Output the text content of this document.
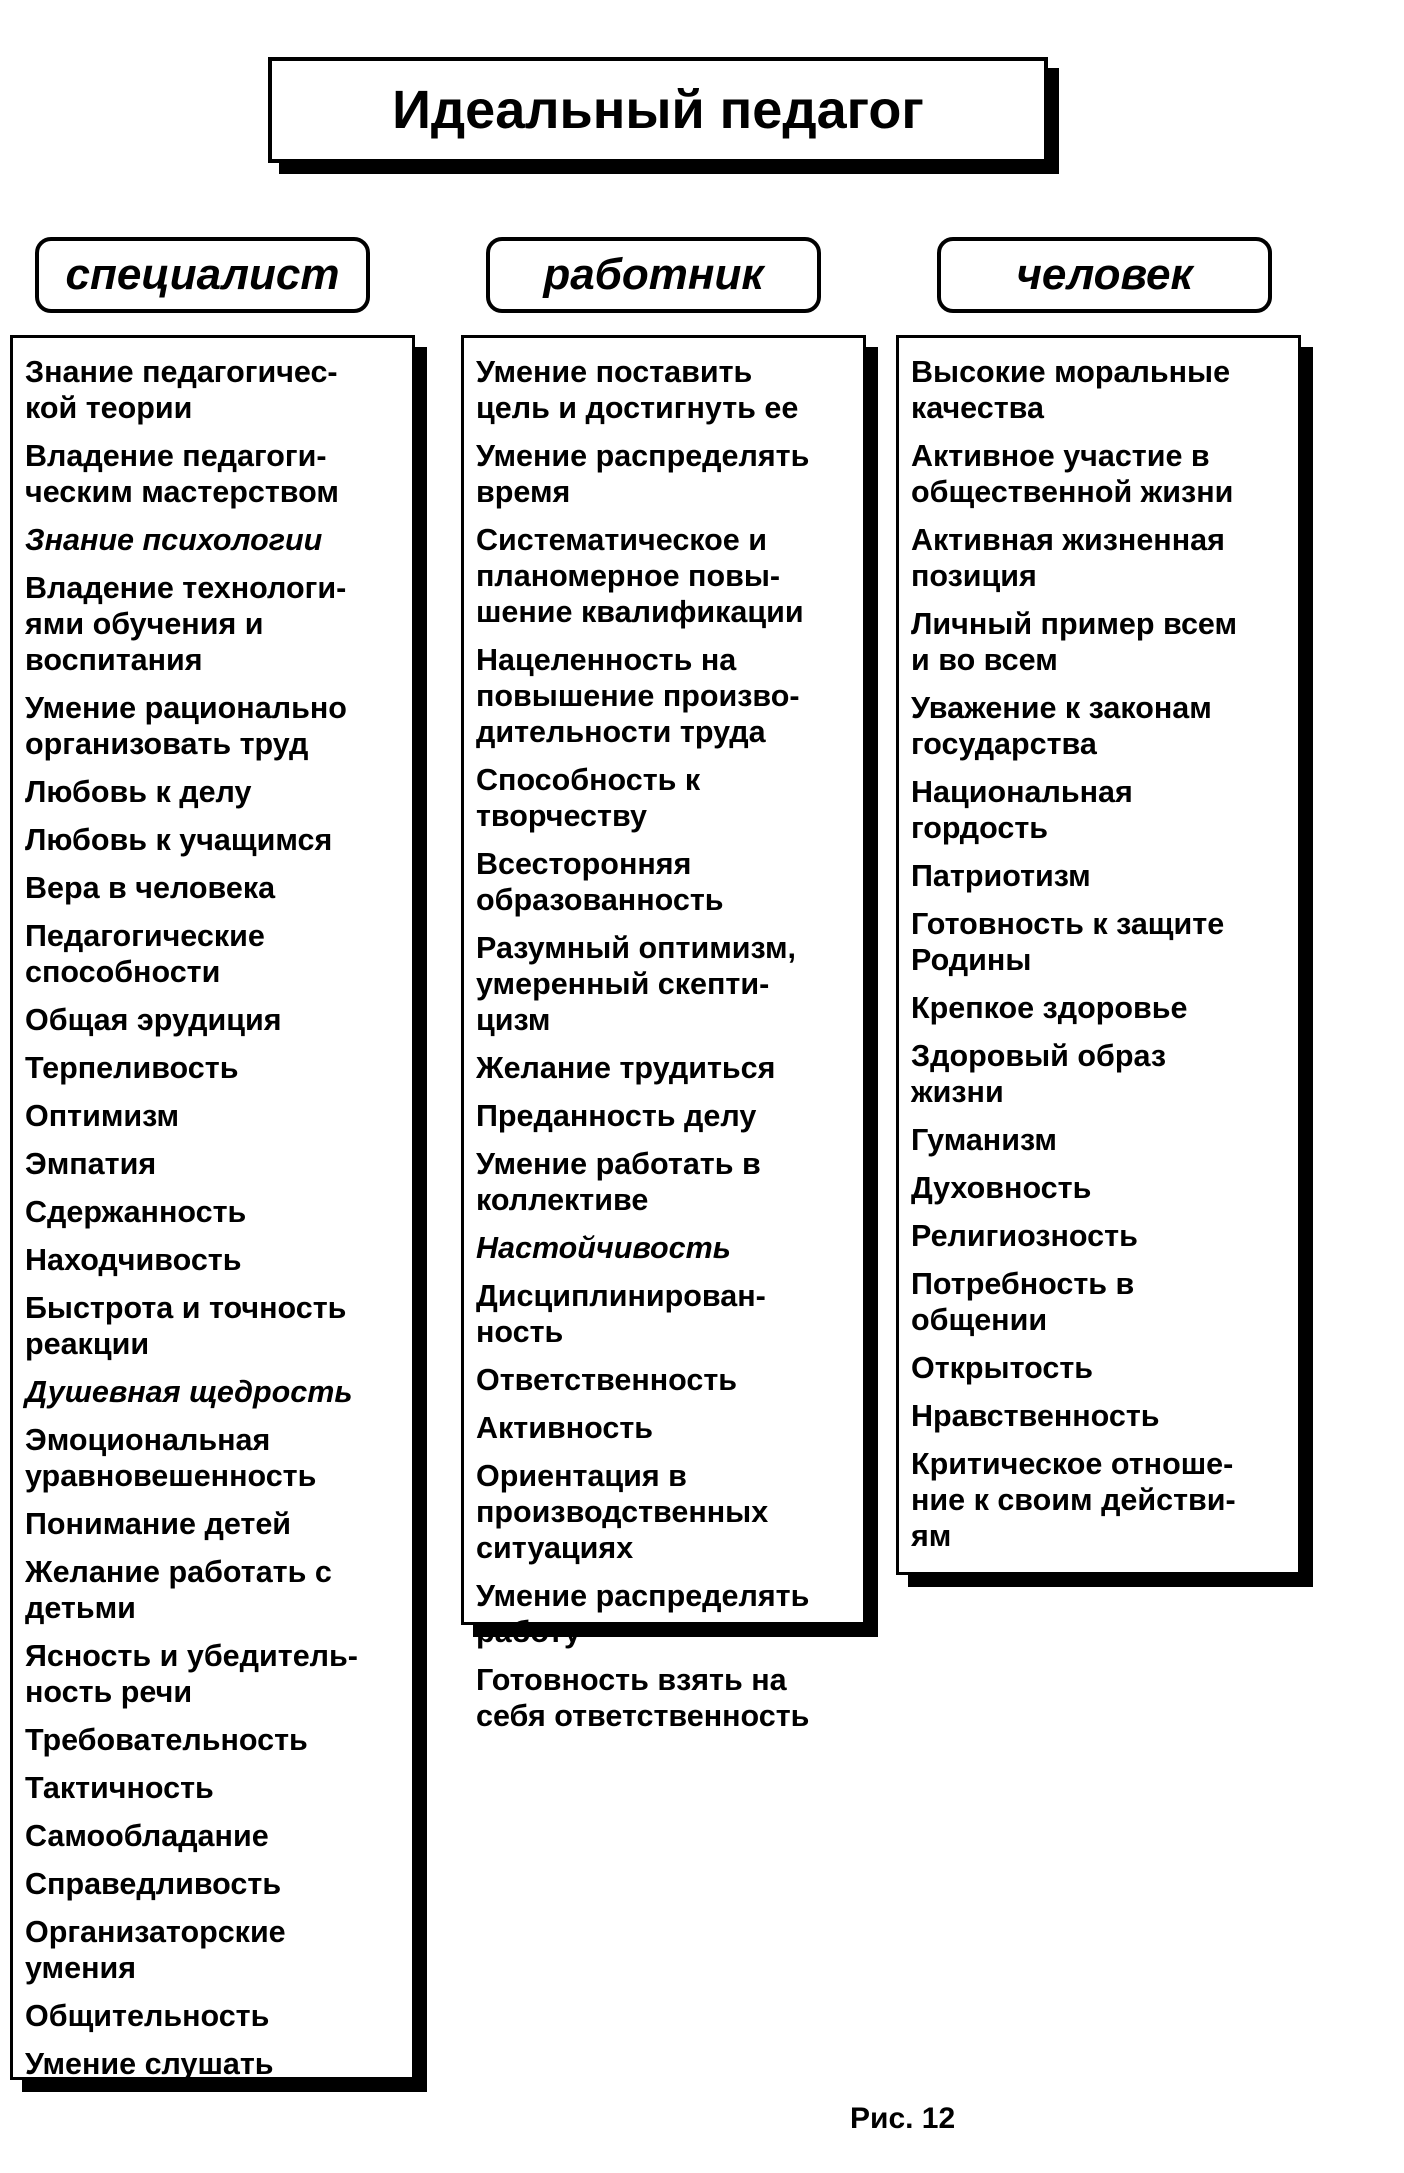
Идеальный педагог
специалист	работник	человек
Знание педагогичес-
кой теории
Владение педагоги-
ческим мастерством
Знание психологии
Владение технологи-
ями обучения и
воспитания
Умение рационально
организовать труд
Любовь к делу
Любовь к учащимся
Вера в человека
Педагогические
способности
Общая эрудиция
Терпеливость
Оптимизм
Эмпатия
Сдержанность
Находчивость
Быстрота и точность
реакции
Душевная щедрость
Эмоциональная
уравновешенность
Понимание детей
Желание работать с
детьми
Ясность и убедитель-
ность речи
Требовательность
Тактичность
Самообладание
Справедливость
Организаторские
умения
Общительность
Умение слушать
Умение поставить
цель и достигнуть ее
Умение распределять
время
Систематическое и
планомерное повы-
шение квалификации
Нацеленность на
повышение произво-
дительности труда
Способность к
творчеству
Всесторонняя
образованность
Разумный оптимизм,
умеренный скепти-
цизм
Желание трудиться
Преданность делу
Умение работать в
коллективе
Настойчивость
Дисциплинирован-
ность
Ответственность
Активность
Ориентация в
производственных
ситуациях
Умение распределять
работу
Готовность взять на
себя ответственность
Высокие моральные
качества
Активное участие в
общественной жизни
Активная жизненная
позиция
Личный пример всем
и во всем
Уважение к законам
государства
Национальная
гордость
Патриотизм
Готовность к защите
Родины
Крепкое здоровье
Здоровый образ
жизни
Гуманизм
Духовность
Религиозность
Потребность в
общении
Открытость
Нравственность
Критическое отноше-
ние к своим действи-
ям
Рис. 12
